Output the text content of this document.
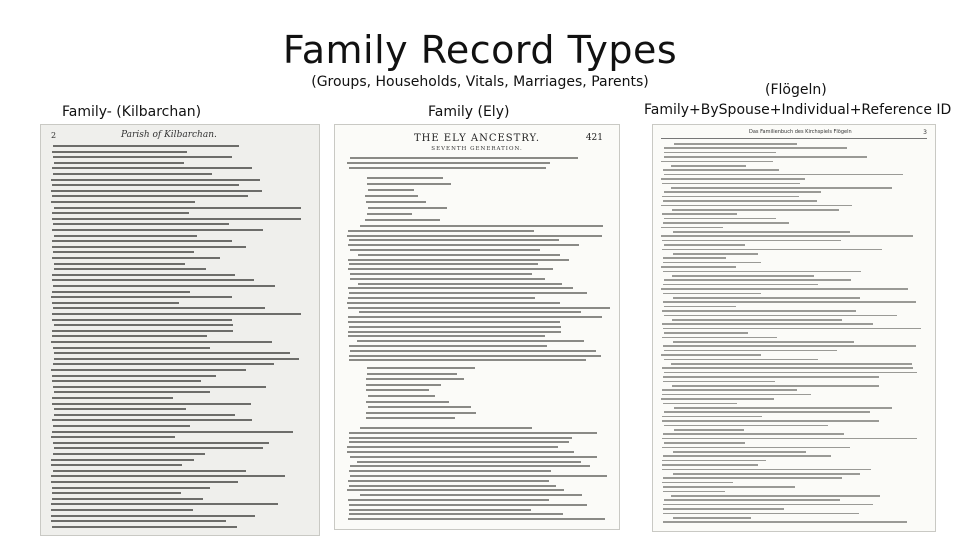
Family Record Types
(Groups, Households, Vitals, Marriages, Parents)
Family- (Kilbarchan)	Family (Ely)
(Flögeln)
Family+BySpouse+Individual+Reference ID
2	Parish of Kilbarchan.	THE ELY ANCESTRY.	421
SEVENTH GENERATION.
Das Familienbuch des Kirchspiels Flögeln	3
